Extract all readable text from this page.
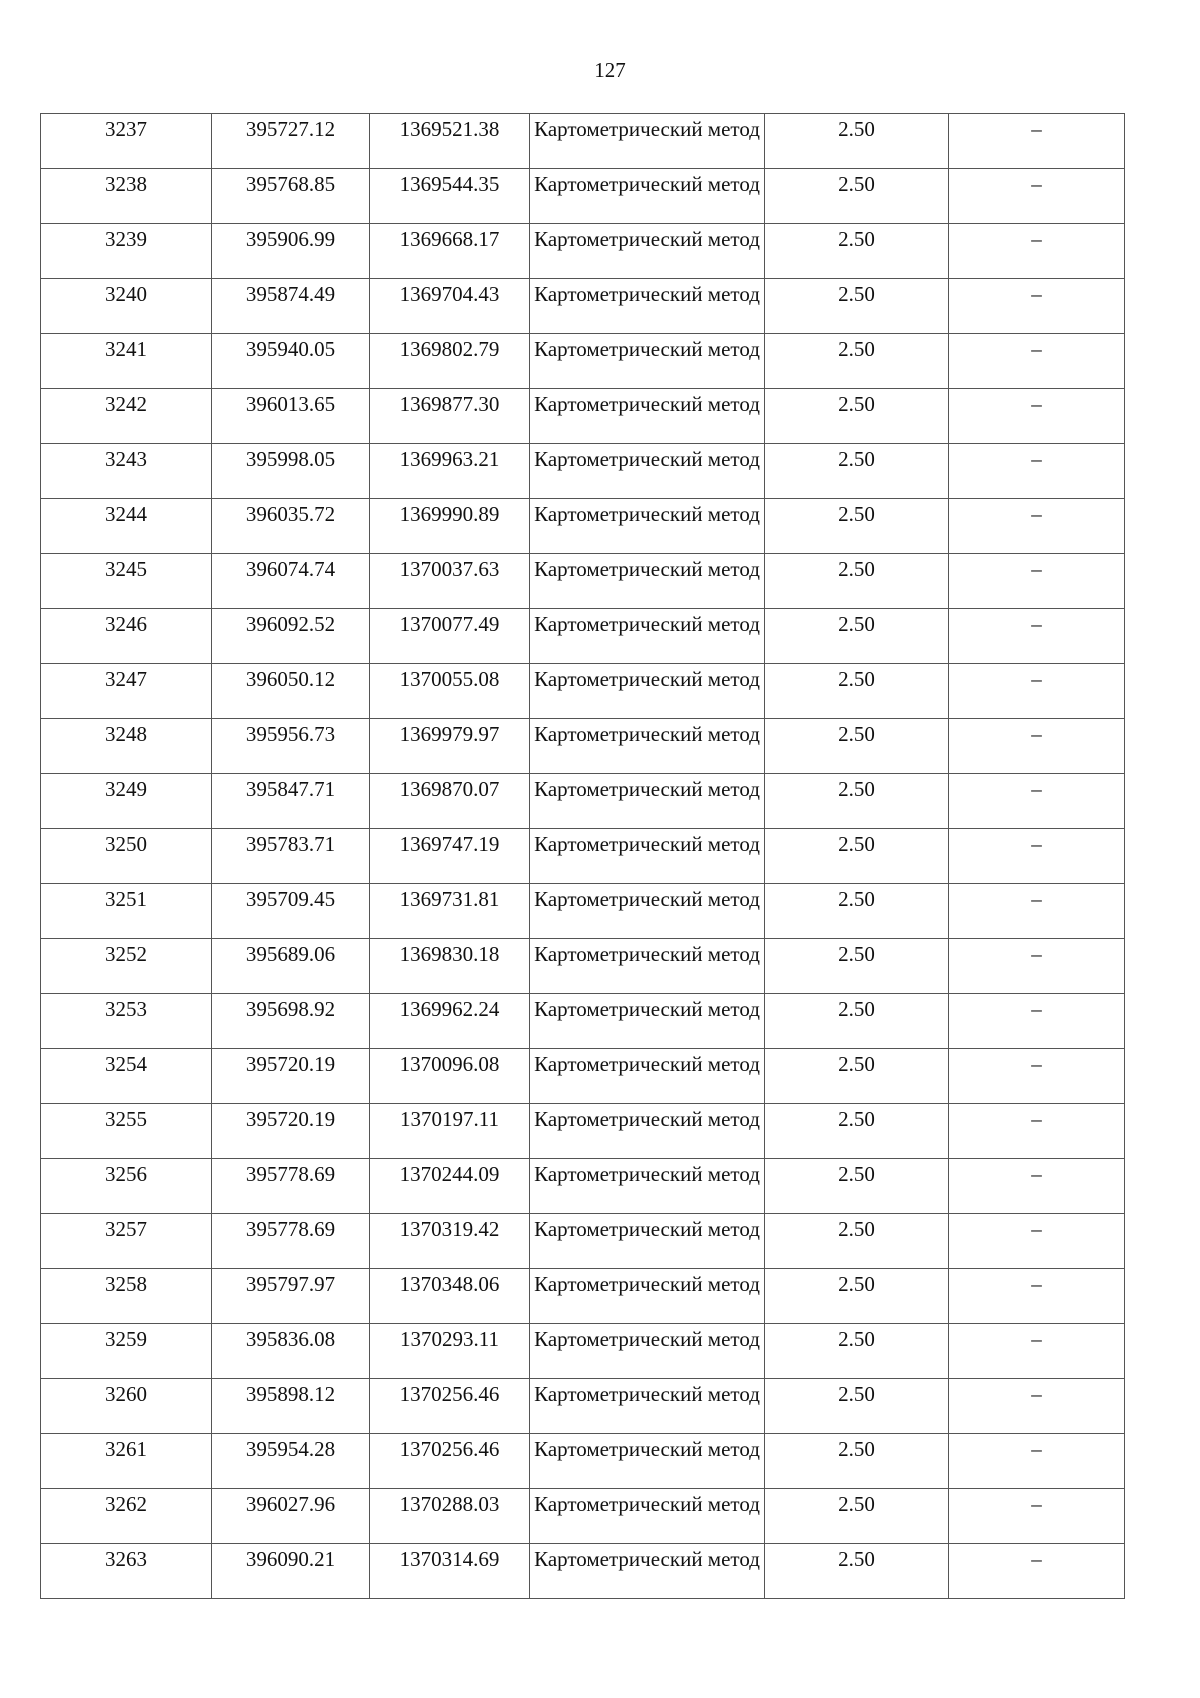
127
3237	395727.12	1369521.38	Картометрический метод	2.50	–

3238	395768.85	1369544.35	Картометрический метод	2.50	–

3239	395906.99	1369668.17	Картометрический метод	2.50	–

3240	395874.49	1369704.43	Картометрический метод	2.50	–

3241	395940.05	1369802.79	Картометрический метод	2.50	–

3242	396013.65	1369877.30	Картометрический метод	2.50	–

3243	395998.05	1369963.21	Картометрический метод	2.50	–

3244	396035.72	1369990.89	Картометрический метод	2.50	–

3245	396074.74	1370037.63	Картометрический метод	2.50	–

3246	396092.52	1370077.49	Картометрический метод	2.50	–

3247	396050.12	1370055.08	Картометрический метод	2.50	–

3248	395956.73	1369979.97	Картометрический метод	2.50	–

3249	395847.71	1369870.07	Картометрический метод	2.50	–

3250	395783.71	1369747.19	Картометрический метод	2.50	–

3251	395709.45	1369731.81	Картометрический метод	2.50	–

3252	395689.06	1369830.18	Картометрический метод	2.50	–

3253	395698.92	1369962.24	Картометрический метод	2.50	–

3254	395720.19	1370096.08	Картометрический метод	2.50	–

3255	395720.19	1370197.11	Картометрический метод	2.50	–

3256	395778.69	1370244.09	Картометрический метод	2.50	–

3257	395778.69	1370319.42	Картометрический метод	2.50	–

3258	395797.97	1370348.06	Картометрический метод	2.50	–

3259	395836.08	1370293.11	Картометрический метод	2.50	–

3260	395898.12	1370256.46	Картометрический метод	2.50	–

3261	395954.28	1370256.46	Картометрический метод	2.50	–

3262	396027.96	1370288.03	Картометрический метод	2.50	–

3263	396090.21	1370314.69	Картометрический метод	2.50	–
